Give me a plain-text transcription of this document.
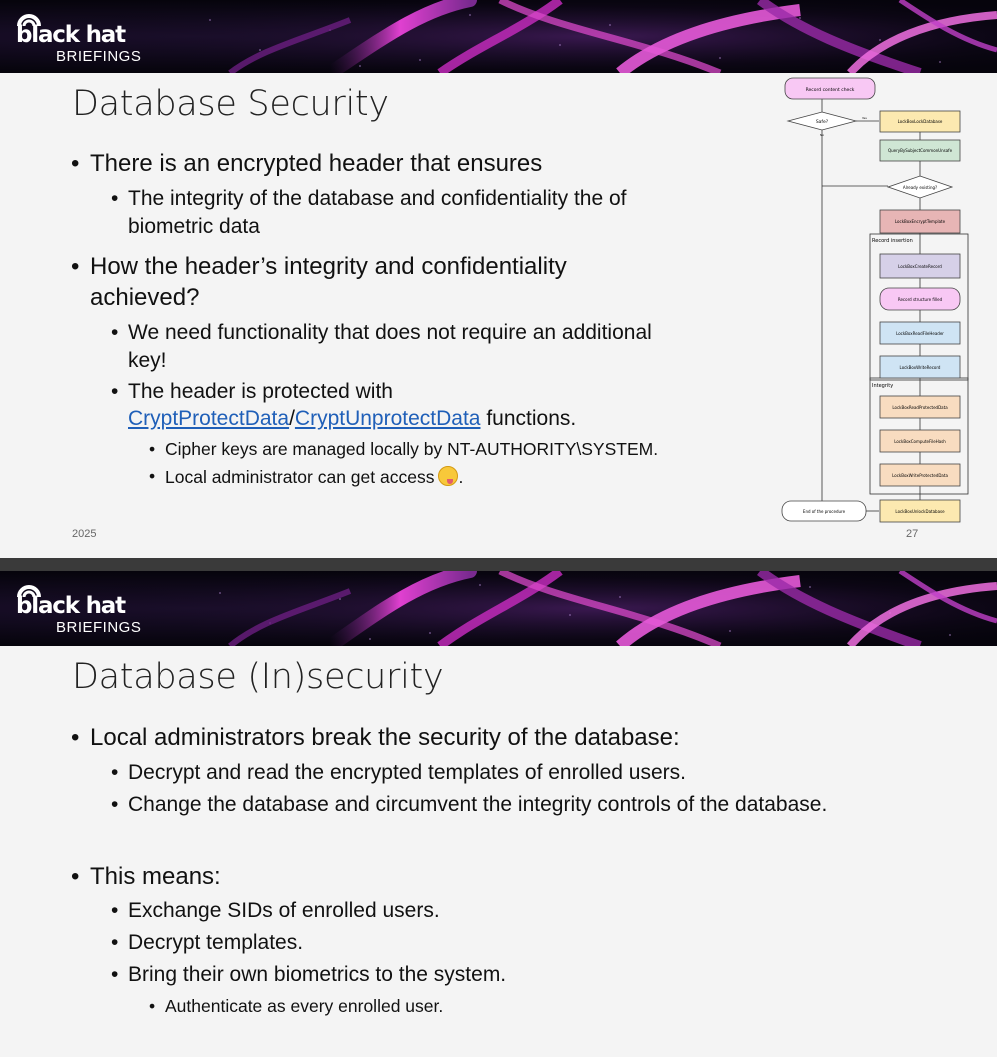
black hat
BRIEFINGS
Database Security
• There is an encrypted header that ensures
• The integrity of the database and confidentiality the of
biometric data
• How the header’s integrity and confidentiality
achieved?
• We need functionality that does not require an additional
key!
• The header is protected with
CryptProtectData/CryptUnprotectData functions.
• Cipher keys are managed locally by NT-AUTHORITY\SYSTEM.
• Local administrator can get access .
Record content check
Safe?
Yes
No
LockBoxLockDatabase
QueryBySubjectCommonUnsafe
Already existing?
LockBoxEncryptTemplate
Record insertion
LockBoxCreateRecord
Record structure filled
LockBoxReadFileHeader
LockBoxWriteRecord
Integrity
LockBoxReadProtectedData
LockBoxComputeFileHash
LockBoxWriteProtectedData
End of the procedure	LockBoxUnlockDatabase
2025	27
black hat
BRIEFINGS
Database (In)security
• Local administrators break the security of the database:
• Decrypt and read the encrypted templates of enrolled users.
• Change the database and circumvent the integrity controls of the database.
• This means:
• Exchange SIDs of enrolled users.
• Decrypt templates.
• Bring their own biometrics to the system.
• Authenticate as every enrolled user.
